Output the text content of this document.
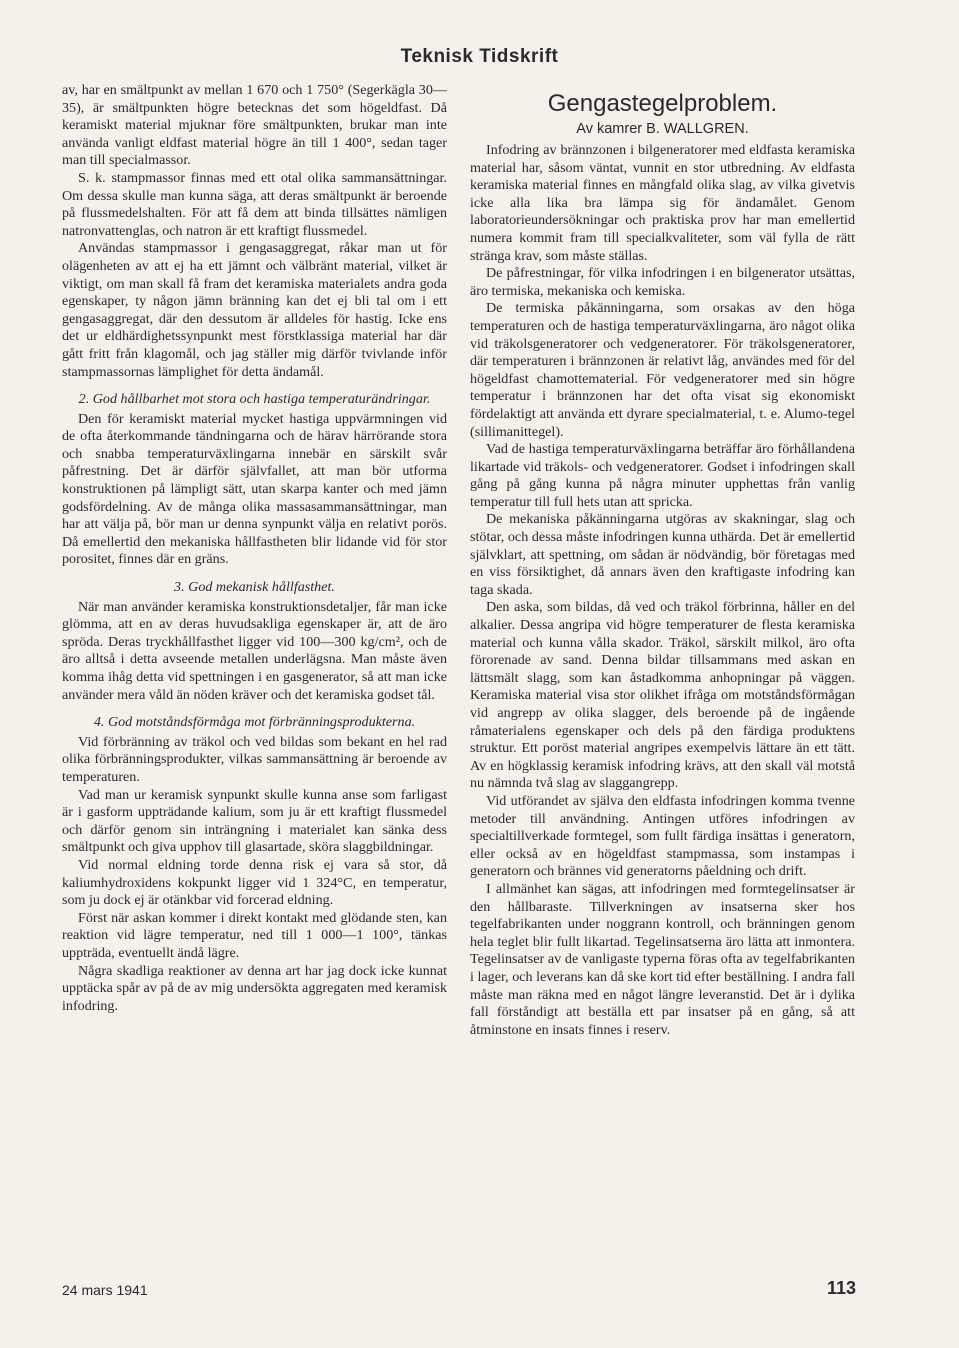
Teknisk Tidskrift

av, har en smältpunkt av mellan 1 670 och 1 750° (Segerkägla 30—35), är smältpunkten högre betecknas det som högeldfast. Då keramiskt material mjuknar före smältpunkten, brukar man inte använda vanligt eldfast material högre än till 1 400°, sedan tager man till specialmassor.

S. k. stampmassor finnas med ett otal olika sammansättningar. Om dessa skulle man kunna säga, att deras smältpunkt är beroende på flussmedelshalten. För att få dem att binda tillsättes nämligen natronvattenglas, och natron är ett kraftigt flussmedel.

Användas stampmassor i gengasaggregat, råkar man ut för olägenheten av att ej ha ett jämnt och välbränt material, vilket är viktigt, om man skall få fram det keramiska materialets andra goda egenskaper, ty någon jämn bränning kan det ej bli tal om i ett gengasaggregat, där den dessutom är alldeles för hastig. Icke ens det ur eldhärdighetssynpunkt mest förstklassiga material har där gått fritt från klagomål, och jag ställer mig därför tvivlande inför stampmassornas lämplighet för detta ändamål.

2. God hållbarhet mot stora och hastiga temperaturändringar.

Den för keramiskt material mycket hastiga uppvärmningen vid de ofta återkommande tändningarna och de härav härrörande stora och snabba temperaturväxlingarna innebär en särskilt svår påfrestning. Det är därför självfallet, att man bör utforma konstruktionen på lämpligt sätt, utan skarpa kanter och med jämn godsfördelning. Av de många olika massasammansättningar, man har att välja på, bör man ur denna synpunkt välja en relativt porös. Då emellertid den mekaniska hållfastheten blir lidande vid för stor porositet, finnes där en gräns.

3. God mekanisk hållfasthet.

När man använder keramiska konstruktionsdetaljer, får man icke glömma, att en av deras huvudsakliga egenskaper är, att de äro spröda. Deras tryckhållfasthet ligger vid 100—300 kg/cm², och de äro alltså i detta avseende metallen underlägsna. Man måste även komma ihåg detta vid spettningen i en gasgenerator, så att man icke använder mera våld än nöden kräver och det keramiska godset tål.

4. God motståndsförmåga mot förbränningsprodukterna.

Vid förbränning av träkol och ved bildas som bekant en hel rad olika förbränningsprodukter, vilkas sammansättning är beroende av temperaturen.

Vad man ur keramisk synpunkt skulle kunna anse som farligast är i gasform uppträdande kalium, som ju är ett kraftigt flussmedel och därför genom sin inträngning i materialet kan sänka dess smältpunkt och giva upphov till glasartade, sköra slaggbildningar.

Vid normal eldning torde denna risk ej vara så stor, då kaliumhydroxidens kokpunkt ligger vid 1 324°C, en temperatur, som ju dock ej är otänkbar vid forcerad eldning.

Först när askan kommer i direkt kontakt med glödande sten, kan reaktion vid lägre temperatur, ned till 1 000—1 100°, tänkas uppträda, eventuellt ändå lägre.

Några skadliga reaktioner av denna art har jag dock icke kunnat upptäcka spår av på de av mig undersökta aggregaten med keramisk infodring.

Gengastegelproblem.
Av kamrer B. WALLGREN.

Infodring av brännzonen i bilgeneratorer med eldfasta keramiska material har, såsom väntat, vunnit en stor utbredning. Av eldfasta keramiska material finnes en mångfald olika slag, av vilka givetvis icke alla lika bra lämpa sig för ändamålet. Genom laboratorieundersökningar och praktiska prov har man emellertid numera kommit fram till specialkvaliteter, som väl fylla de rätt stränga krav, som måste ställas.

De påfrestningar, för vilka infodringen i en bilgenerator utsättas, äro termiska, mekaniska och kemiska.

De termiska påkänningarna, som orsakas av den höga temperaturen och de hastiga temperaturväxlingarna, äro något olika vid träkolsgeneratorer och vedgeneratorer. För träkolsgeneratorer, där temperaturen i brännzonen är relativt låg, användes med för del högeldfast chamottematerial. För vedgeneratorer med sin högre temperatur i brännzonen har det ofta visat sig ekonomiskt fördelaktigt att använda ett dyrare specialmaterial, t. e. Alumo-tegel (sillimanittegel).

Vad de hastiga temperaturväxlingarna beträffar äro förhållandena likartade vid träkols- och vedgeneratorer. Godset i infodringen skall gång på gång kunna på några minuter upphettas från vanlig temperatur till full hets utan att spricka.

De mekaniska påkänningarna utgöras av skakningar, slag och stötar, och dessa måste infodringen kunna uthärda. Det är emellertid självklart, att spettning, om sådan är nödvändig, bör företagas med en viss försiktighet, då annars även den kraftigaste infodring kan taga skada.

Den aska, som bildas, då ved och träkol förbrinna, håller en del alkalier. Dessa angripa vid högre temperaturer de flesta keramiska material och kunna vålla skador. Träkol, särskilt milkol, äro ofta förorenade av sand. Denna bildar tillsammans med askan en lättsmält slagg, som kan åstadkomma anhopningar på väggen. Keramiska material visa stor olikhet ifråga om motståndsförmågan vid angrepp av olika slagger, dels beroende på de ingående råmaterialens egenskaper och dels på den färdiga produktens struktur. Ett poröst material angripes exempelvis lättare än ett tätt. Av en högklassig keramisk infodring krävs, att den skall väl motstå nu nämnda två slag av slaggangrepp.

Vid utförandet av själva den eldfasta infodringen komma tvenne metoder till användning. Antingen utföres infodringen av specialtillverkade formtegel, som fullt färdiga insättas i generatorn, eller också av en högeldfast stampmassa, som instampas i generatorn och brännes vid generatorns påeldning och drift.

I allmänhet kan sägas, att infodringen med formtegelinsatser är den hållbaraste. Tillverkningen av insatserna sker hos tegelfabrikanten under noggrann kontroll, och bränningen genom hela teglet blir fullt likartad. Tegelinsatserna äro lätta att inmontera. Tegelinsatser av de vanligaste typerna föras ofta av tegelfabrikanten i lager, och leverans kan då ske kort tid efter beställning. I andra fall måste man räkna med en något längre leveranstid. Det är i dylika fall förståndigt att beställa ett par insatser på en gång, så att åtminstone en insats finnes i reserv.

24 mars 1941	113
